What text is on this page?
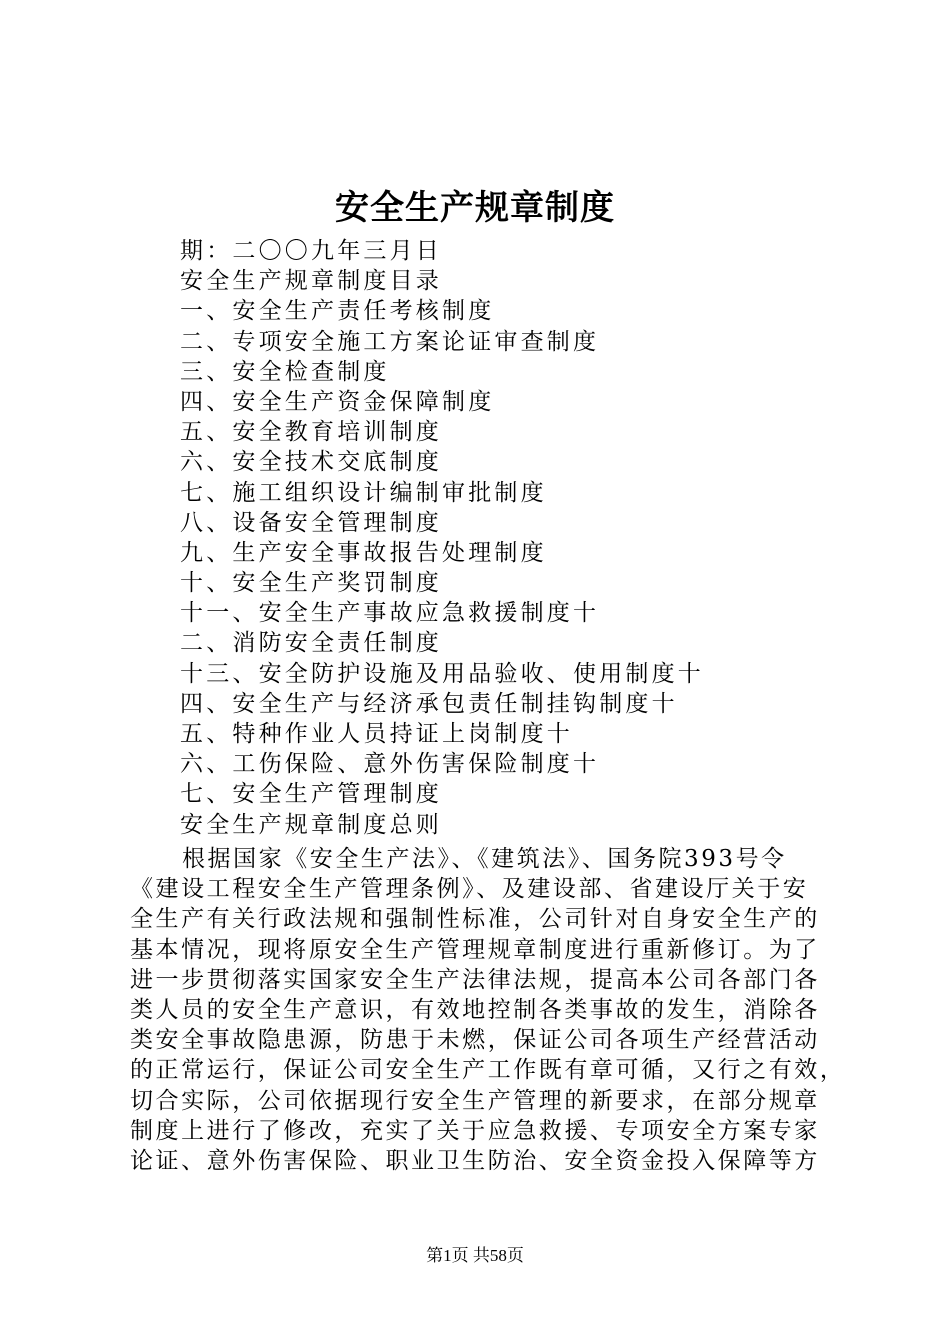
安全生产规章制度
期：二〇〇九年三月日
安全生产规章制度目录
一、安全生产责任考核制度
二、专项安全施工方案论证审查制度
三、安全检查制度
四、安全生产资金保障制度
五、安全教育培训制度
六、安全技术交底制度
七、施工组织设计编制审批制度
八、设备安全管理制度
九、生产安全事故报告处理制度
十、安全生产奖罚制度
十一、安全生产事故应急救援制度十
二、消防安全责任制度
十三、安全防护设施及用品验收、使用制度十
四、安全生产与经济承包责任制挂钩制度十
五、特种作业人员持证上岗制度十
六、工伤保险、意外伤害保险制度十
七、安全生产管理制度
安全生产规章制度总则
根据国家《安全生产法》、《建筑法》、国务院393号令
《建设工程安全生产管理条例》、及建设部、省建设厅关于安
全生产有关行政法规和强制性标准，公司针对自身安全生产的
基本情况，现将原安全生产管理规章制度进行重新修订。为了
进一步贯彻落实国家安全生产法律法规，提高本公司各部门各
类人员的安全生产意识，有效地控制各类事故的发生，消除各
类安全事故隐患源，防患于未燃，保证公司各项生产经营活动
的正常运行，保证公司安全生产工作既有章可循，又行之有效，
切合实际，公司依据现行安全生产管理的新要求，在部分规章
制度上进行了修改，充实了关于应急救援、专项安全方案专家
论证、意外伤害保险、职业卫生防治、安全资金投入保障等方
第1页 共58页
